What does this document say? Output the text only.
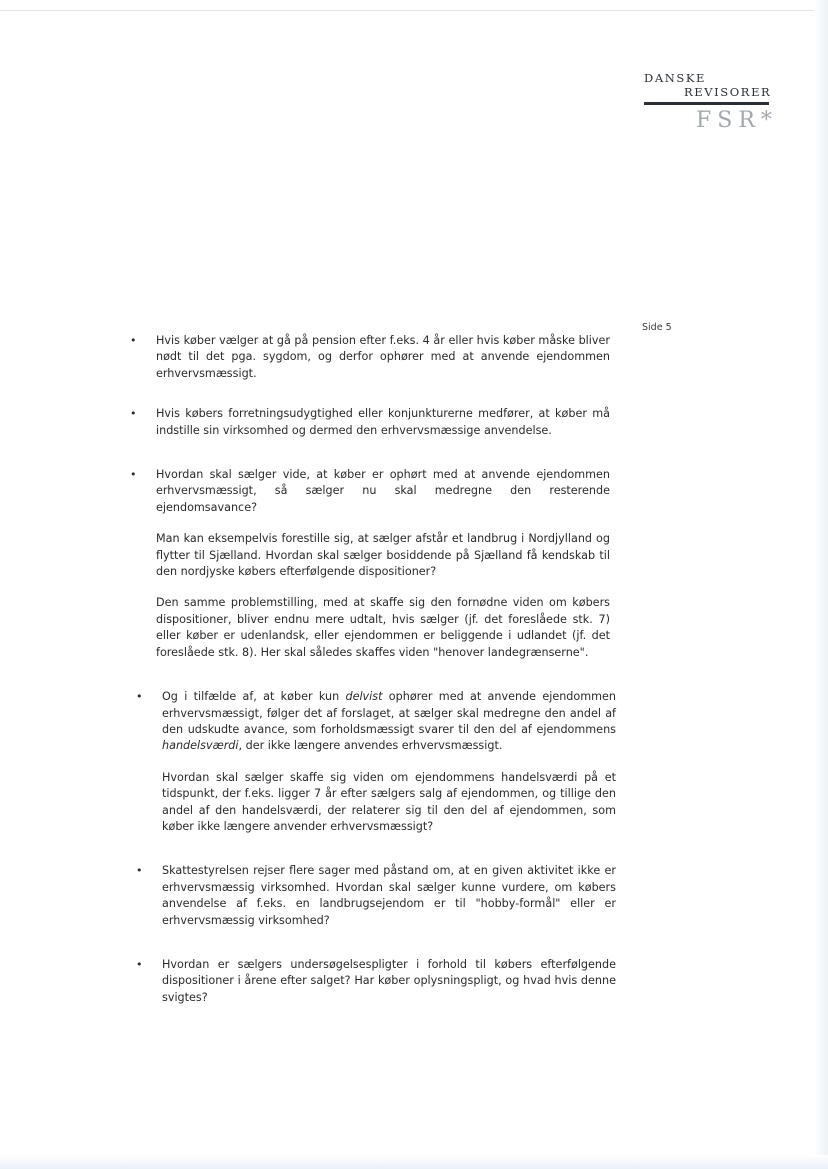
DANSKE
REVISORER
FSR*
Side 5
• Hvis køber vælger at gå på pension efter f.eks. 4 år eller hvis køber måske bliver nødt til det pga. sygdom, og derfor ophører med at anvende ejendommen erhvervsmæssigt.

• Hvis købers forretningsudygtighed eller konjunkturerne medfører, at køber må indstille sin virksomhed og dermed den erhvervsmæssige anvendelse.

• Hvordan skal sælger vide, at køber er ophørt med at anvende ejendommen erhvervsmæssigt, så sælger nu skal medregne den resterende ejendomsavance?

Man kan eksempelvis forestille sig, at sælger afstår et landbrug i Nordjylland og flytter til Sjælland. Hvordan skal sælger bosiddende på Sjælland få kendskab til den nordjyske købers efterfølgende dispositioner?

Den samme problemstilling, med at skaffe sig den fornødne viden om købers dispositioner, bliver endnu mere udtalt, hvis sælger (jf. det foreslåede stk. 7) eller køber er udenlandsk, eller ejendommen er beliggende i udlandet (jf. det foreslåede stk. 8). Her skal således skaffes viden "henover landegrænserne".

• Og i tilfælde af, at køber kun delvist ophører med at anvende ejendommen erhvervsmæssigt, følger det af forslaget, at sælger skal medregne den andel af den udskudte avance, som forholdsmæssigt svarer til den del af ejendommens handelsværdi, der ikke længere anvendes erhvervsmæssigt.

Hvordan skal sælger skaffe sig viden om ejendommens handelsværdi på et tidspunkt, der f.eks. ligger 7 år efter sælgers salg af ejendommen, og tillige den andel af den handelsværdi, der relaterer sig til den del af ejendommen, som køber ikke længere anvender erhvervsmæssigt?

• Skattestyrelsen rejser flere sager med påstand om, at en given aktivitet ikke er erhvervsmæssig virksomhed. Hvordan skal sælger kunne vurdere, om købers anvendelse af f.eks. en landbrugsejendom er til "hobby-formål" eller er erhvervsmæssig virksomhed?

• Hvordan er sælgers undersøgelsespligter i forhold til købers efterfølgende dispositioner i årene efter salget? Har køber oplysningspligt, og hvad hvis denne svigtes?
